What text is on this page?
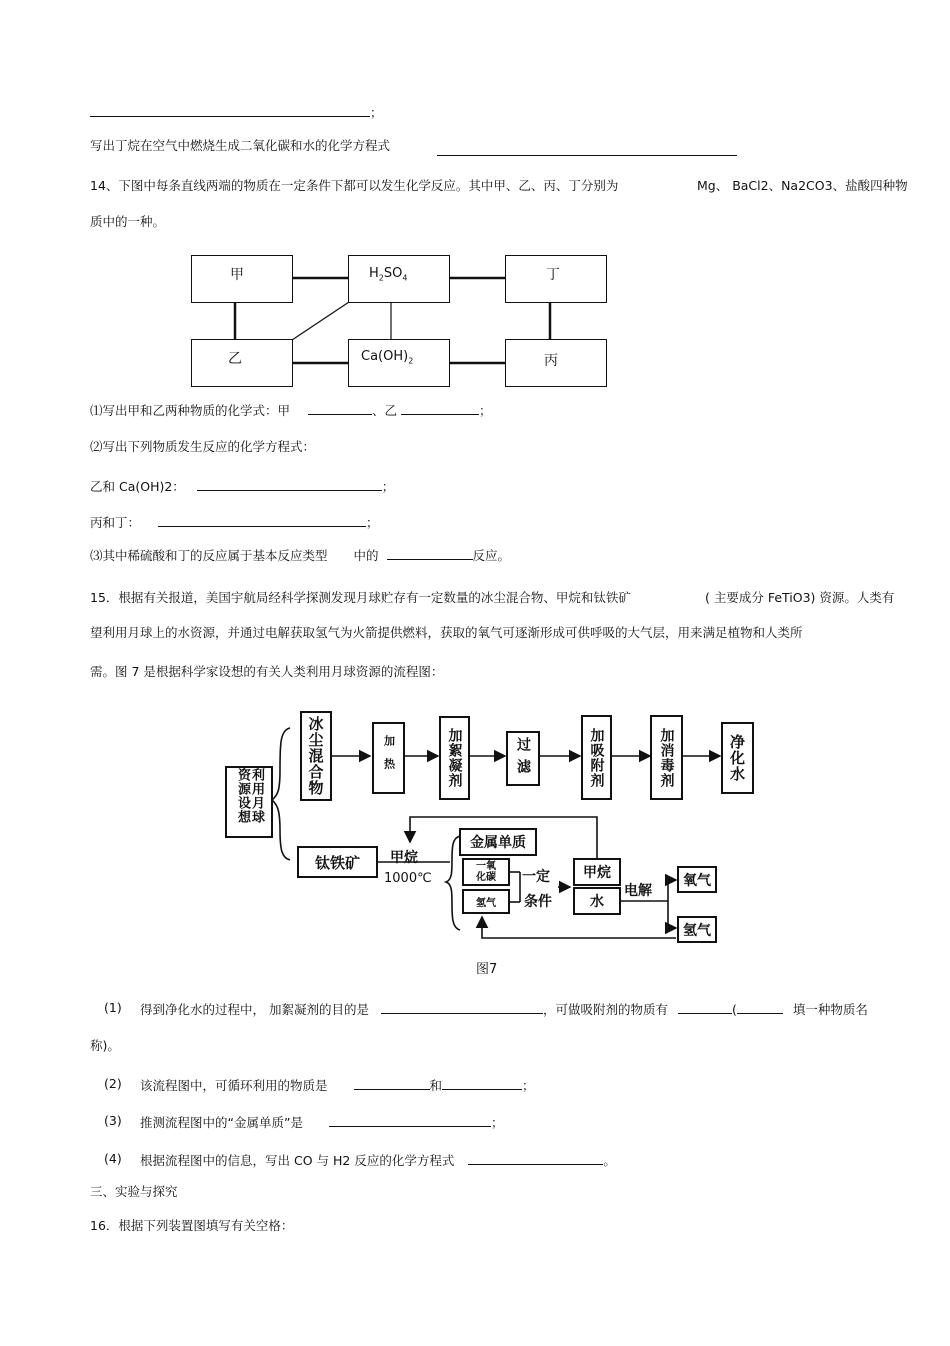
；
写出丁烷在空气中燃烧生成二氧化碳和水的化学方程式
14、下图中每条直线两端的物质在一定条件下都可以发生化学反应。其中甲、乙、丙、丁分别为	Mg、 BaCl2、Na2CO3、盐酸四种物
质中的一种。
甲	$H_2SO_4$	丁
乙	$Ca(OH)_2$	丙
⑴写出甲和乙两种物质的化学式：甲	、乙	；
⑵写出下列物质发生反应的化学方程式：
乙和 Ca(OH)2：	；
丙和丁：	；
⑶其中稀硫酸和丁的反应属于基本反应类型 中的	反应。
15．根据有关报道，美国宇航局经科学探测发现月球贮存有一定数量的冰尘混合物、甲烷和钛铁矿	( 主要成分 FeTiO3) 资源。人类有
望利用月球上的水资源，并通过电解获取氢气为火箭提供燃料，获取的氧气可逐渐形成可供呼吸的大气层，用来满足植物和人类所
需。图 7 是根据科学家设想的有关人类利用月球资源的流程图：
利用月球资源设想	冰尘混合物	加热	加絮凝剂	过滤	加吸附剂	加消毒剂	净化水
钛铁矿	甲烷
1000℃
金属单质
一氧化碳
氢气
一定
条件
甲烷
水
电解
氧气
氢气
图7
(1) 得到净化水的过程中， 加絮凝剂的目的是	，可做吸附剂的物质有	(	填一种物质名
称)。
(2) 该流程图中，可循环利用的物质是	和	；
(3) 推测流程图中的“金属单质”是	；
(4) 根据流程图中的信息，写出 CO 与 H2 反应的化学方程式	。
三、实验与探究
16．根据下列装置图填写有关空格：
